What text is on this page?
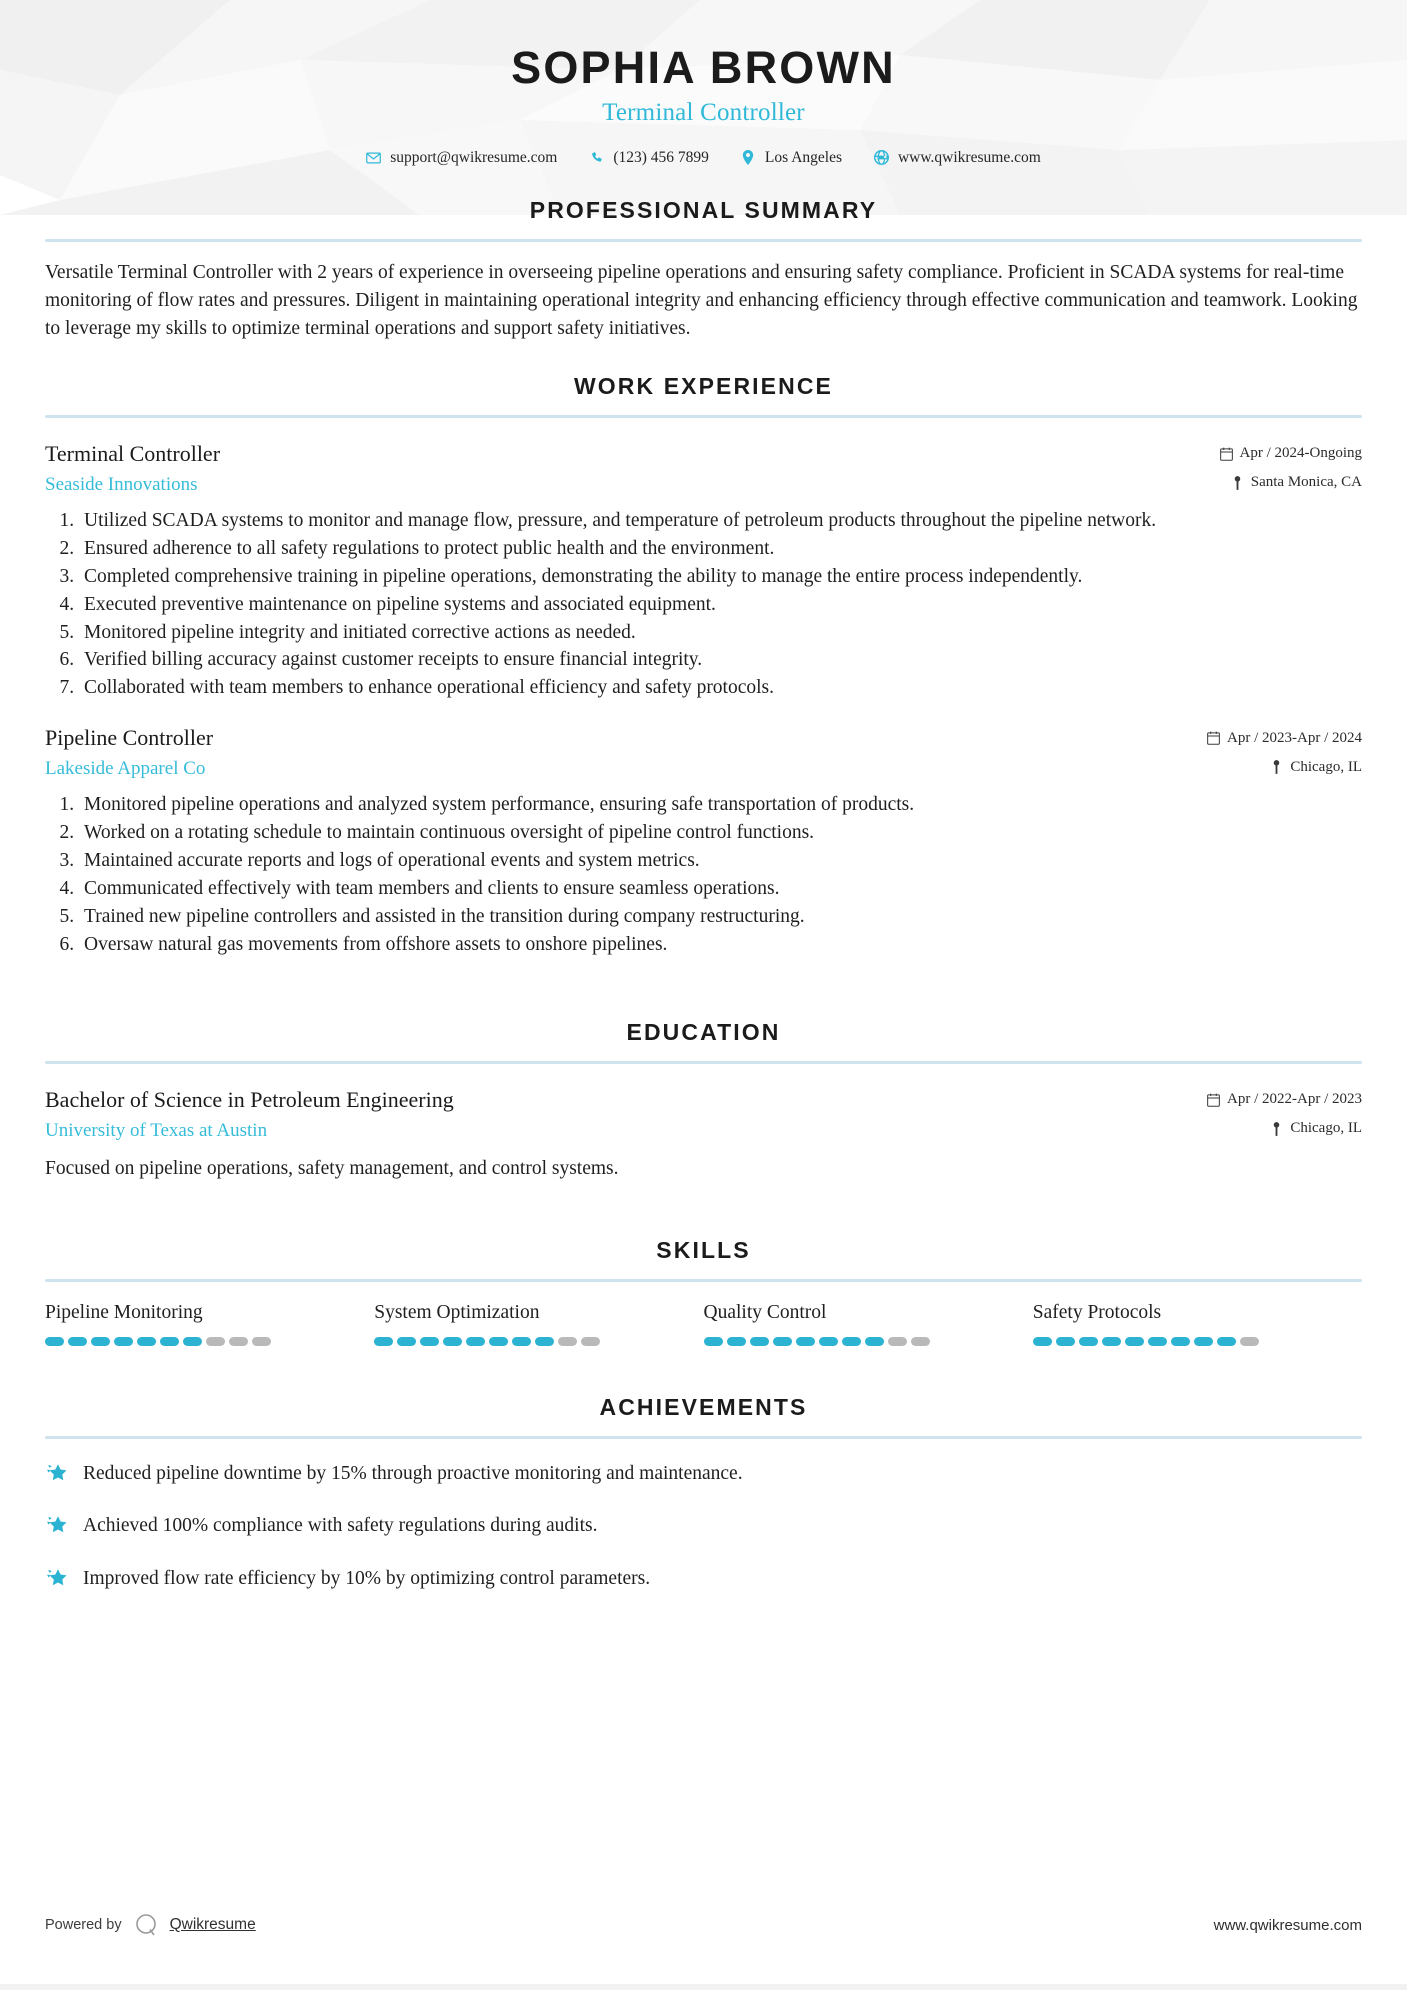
SOPHIA BROWN
Terminal Controller
support@qwikresume.com	(123) 456 7899	Los Angeles	www.qwikresume.com
PROFESSIONAL SUMMARY

Versatile Terminal Controller with 2 years of experience in overseeing pipeline operations and ensuring safety compliance. Proficient in SCADA systems for real-time monitoring of flow rates and pressures. Diligent in maintaining operational integrity and enhancing efficiency through effective communication and teamwork. Looking to leverage my skills to optimize terminal operations and support safety initiatives.

WORK EXPERIENCE
Terminal Controller	Apr / 2024-Ongoing
Seaside Innovations	Santa Monica, CA
1. Utilized SCADA systems to monitor and manage flow, pressure, and temperature of petroleum products throughout the pipeline network.
2. Ensured adherence to all safety regulations to protect public health and the environment.
3. Completed comprehensive training in pipeline operations, demonstrating the ability to manage the entire process independently.
4. Executed preventive maintenance on pipeline systems and associated equipment.
5. Monitored pipeline integrity and initiated corrective actions as needed.
6. Verified billing accuracy against customer receipts to ensure financial integrity.
7. Collaborated with team members to enhance operational efficiency and safety protocols.
Pipeline Controller	Apr / 2023-Apr / 2024
Lakeside Apparel Co	Chicago, IL
1. Monitored pipeline operations and analyzed system performance, ensuring safe transportation of products.
2. Worked on a rotating schedule to maintain continuous oversight of pipeline control functions.
3. Maintained accurate reports and logs of operational events and system metrics.
4. Communicated effectively with team members and clients to ensure seamless operations.
5. Trained new pipeline controllers and assisted in the transition during company restructuring.
6. Oversaw natural gas movements from offshore assets to onshore pipelines.
EDUCATION
Bachelor of Science in Petroleum Engineering	Apr / 2022-Apr / 2023
University of Texas at Austin	Chicago, IL
Focused on pipeline operations, safety management, and control systems.
SKILLS
Pipeline Monitoring	System Optimization	Quality Control	Safety Protocols
ACHIEVEMENTS
Reduced pipeline downtime by 15% through proactive monitoring and maintenance.
Achieved 100% compliance with safety regulations during audits.
Improved flow rate efficiency by 10% by optimizing control parameters.
Powered by	Qwikresume	www.qwikresume.com
